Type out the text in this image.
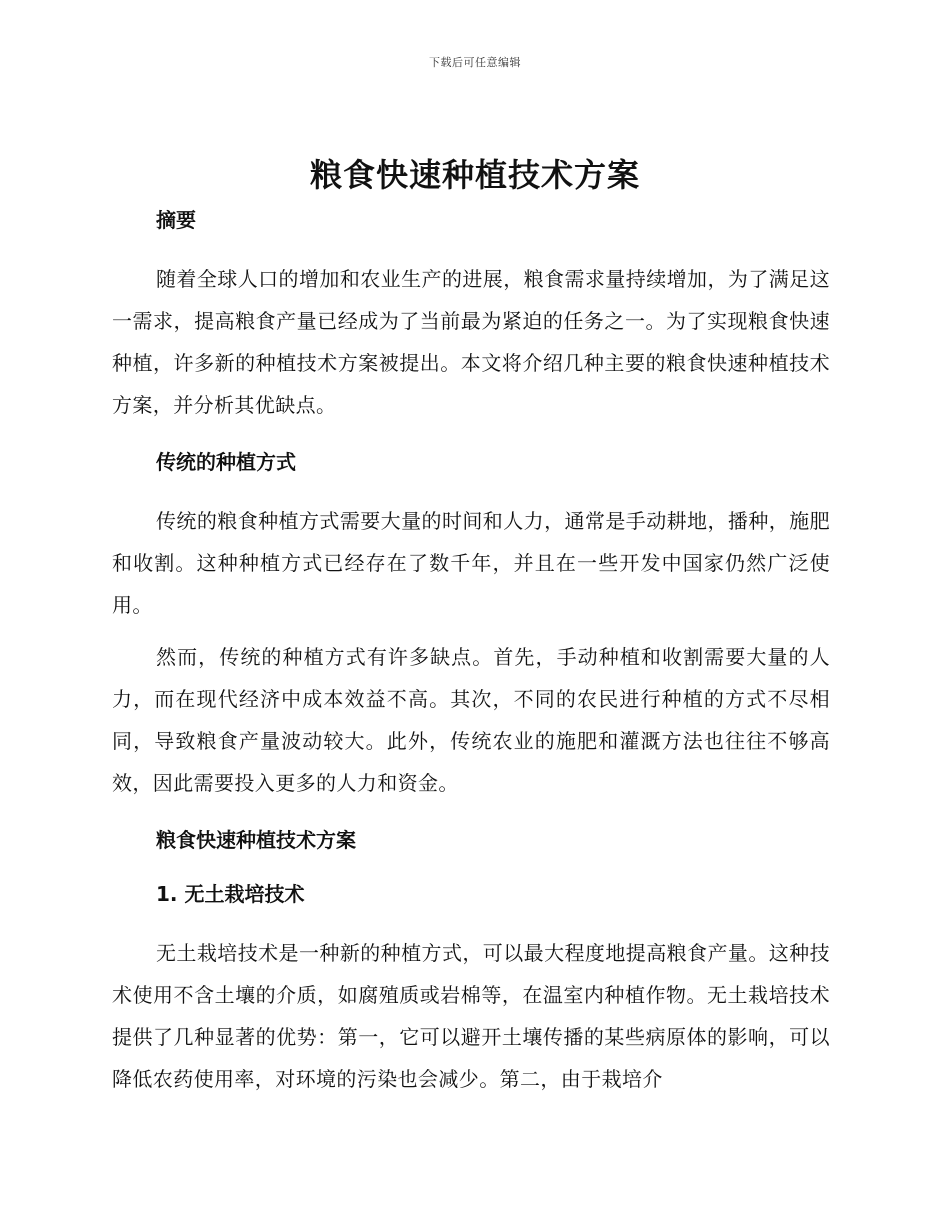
下载后可任意编辑
粮食快速种植技术方案
摘要

随着全球人口的增加和农业生产的进展，粮食需求量持续增加，为了满足这一需求，提高粮食产量已经成为了当前最为紧迫的任务之一。为了实现粮食快速种植，许多新的种植技术方案被提出。本文将介绍几种主要的粮食快速种植技术方案，并分析其优缺点。

传统的种植方式

传统的粮食种植方式需要大量的时间和人力，通常是手动耕地，播种，施肥和收割。这种种植方式已经存在了数千年，并且在一些开发中国家仍然广泛使用。

然而，传统的种植方式有许多缺点。首先，手动种植和收割需要大量的人力，而在现代经济中成本效益不高。其次，不同的农民进行种植的方式不尽相同，导致粮食产量波动较大。此外，传统农业的施肥和灌溉方法也往往不够高效，因此需要投入更多的人力和资金。

粮食快速种植技术方案
1. 无土栽培技术

无土栽培技术是一种新的种植方式，可以最大程度地提高粮食产量。这种技术使用不含土壤的介质，如腐殖质或岩棉等，在温室内种植作物。无土栽培技术提供了几种显著的优势：第一，它可以避开土壤传播的某些病原体的影响，可以降低农药使用率，对环境的污染也会减少。第二，由于栽培介
